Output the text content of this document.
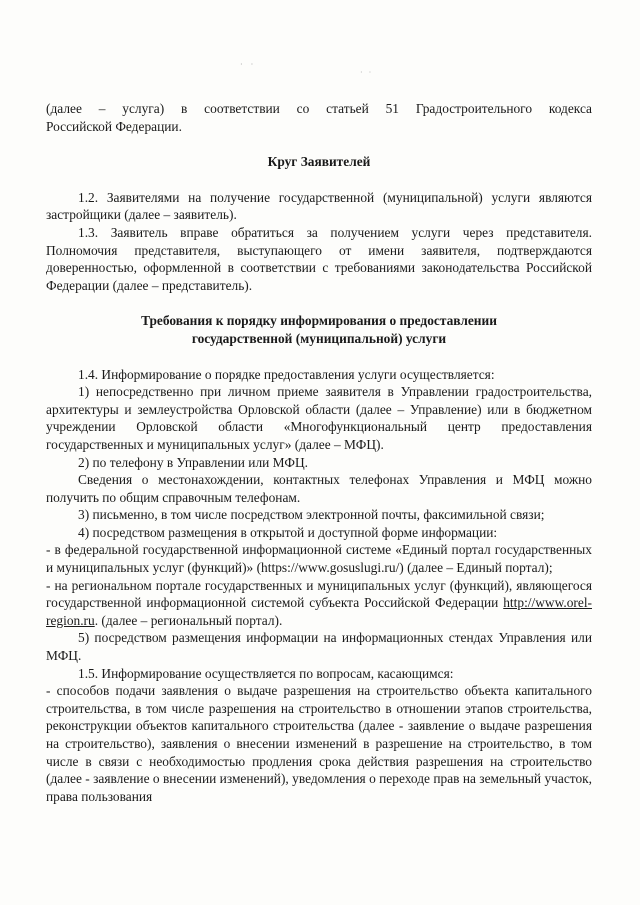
· ·
· ·

(далее – услуга) в соответствии со статьей 51 Градостроительного кодекса

Российской Федерации.

Круг Заявителей

1.2. Заявителями на получение государственной (муниципальной) услуги являются застройщики (далее – заявитель).

1.3. Заявитель вправе обратиться за получением услуги через представителя. Полномочия представителя, выступающего от имени заявителя, подтверждаются доверенностью, оформленной в соответствии с требованиями законодательства Российской Федерации (далее – представитель).

Требования к порядку информирования о предоставлении

государственной (муниципальной) услуги

1.4. Информирование о порядке предоставления услуги осуществляется:

1) непосредственно при личном приеме заявителя в Управлении градостроительства, архитектуры и землеустройства Орловской области (далее – Управление) или в бюджетном учреждении Орловской области «Многофункциональный центр предоставления государственных и муниципальных услуг» (далее – МФЦ).

2) по телефону в Управлении или МФЦ.

Сведения о местонахождении, контактных телефонах Управления и МФЦ можно получить по общим справочным телефонам.

3) письменно, в том числе посредством электронной почты, факсимильной связи;

4) посредством размещения в открытой и доступной форме информации:

- в федеральной государственной информационной системе «Единый портал государственных и муниципальных услуг (функций)» (https://www.gosuslugi.ru/) (далее – Единый портал);

- на региональном портале государственных и муниципальных услуг (функций), являющегося государственной информационной системой субъекта Российской Федерации http://www.orel-region.ru. (далее – региональный портал).

5) посредством размещения информации на информационных стендах Управления или МФЦ.

1.5. Информирование осуществляется по вопросам, касающимся:

- способов подачи заявления о выдаче разрешения на строительство объекта капитального строительства, в том числе разрешения на строительство в отношении этапов строительства, реконструкции объектов капитального строительства (далее - заявление о выдаче разрешения на строительство), заявления о внесении изменений в разрешение на строительство, в том числе в связи с необходимостью продления срока действия разрешения на строительство (далее - заявление о внесении изменений), уведомления о переходе прав на земельный участок, права пользования
